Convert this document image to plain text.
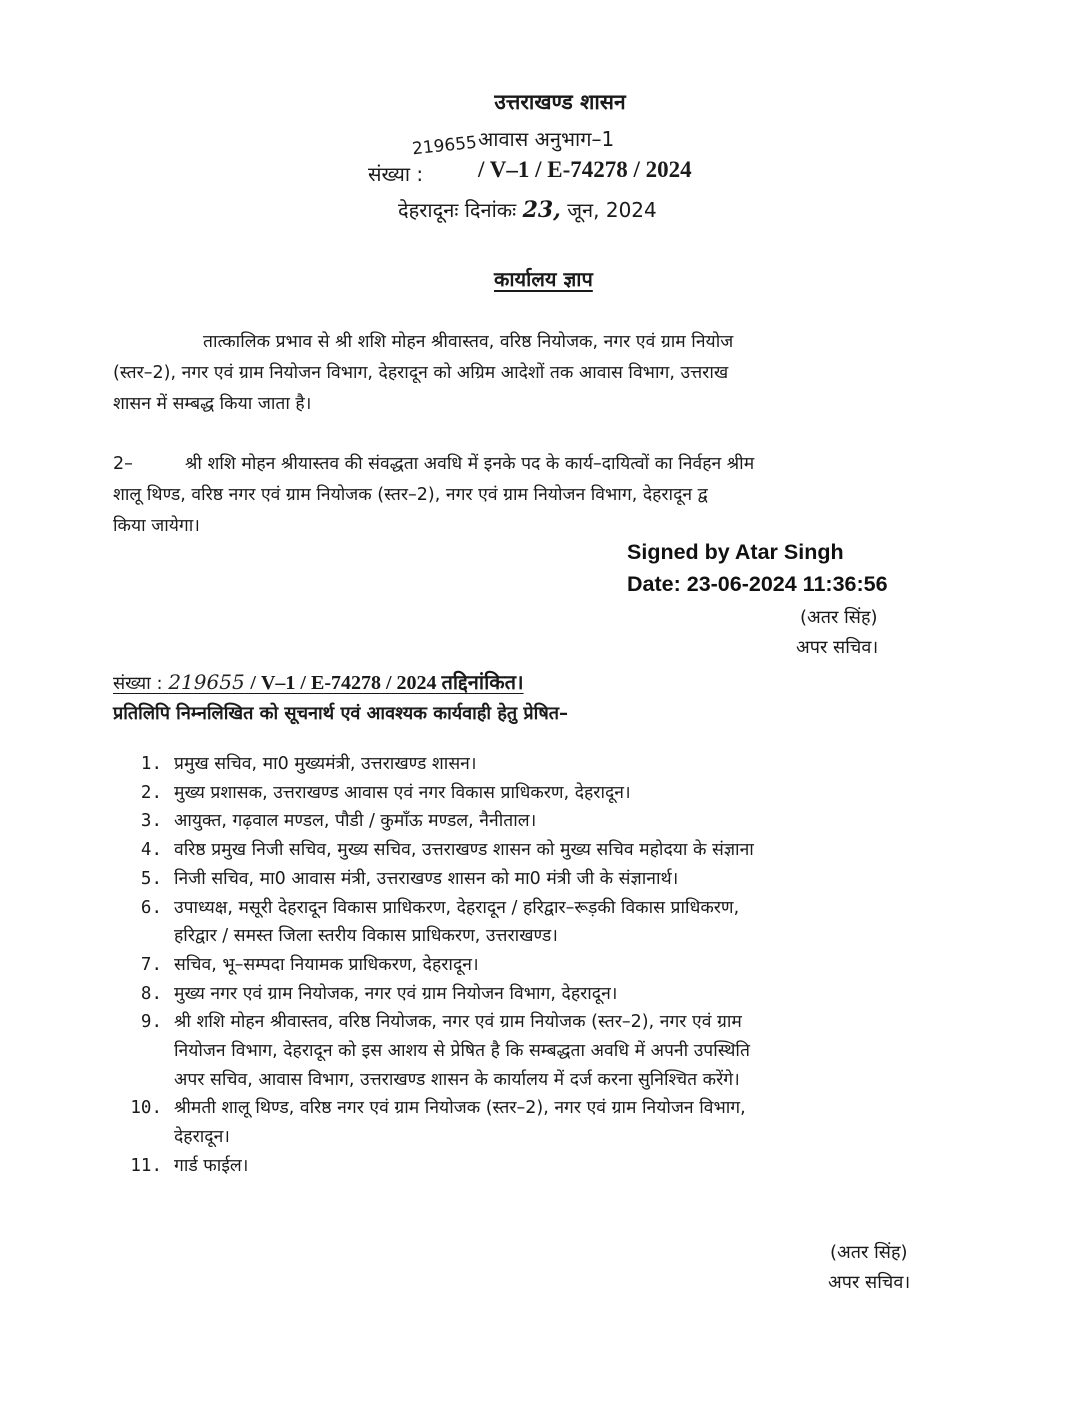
उत्तराखण्ड शासन
219655 आवास अनुभाग–1
संख्या : / V–1 / E-74278 / 2024
देहरादूनः दिनांकः 23, जून, 2024
कार्यालय ज्ञाप
तात्कालिक प्रभाव से श्री शशि मोहन श्रीवास्तव, वरिष्ठ नियोजक, नगर एवं ग्राम नियोज
(स्तर–2), नगर एवं ग्राम नियोजन विभाग, देहरादून को अग्रिम आदेशों तक आवास विभाग, उत्तराख
शासन में सम्बद्ध किया जाता है।
2–	श्री शशि मोहन श्रीयास्तव की संवद्धता अवधि में इनके पद के कार्य–दायित्वों का निर्वहन श्रीम
शालू थिण्ड, वरिष्ठ नगर एवं ग्राम नियोजक (स्तर–2), नगर एवं ग्राम नियोजन विभाग, देहरादून द्व
किया जायेगा।
Signed by Atar Singh
Date: 23-06-2024 11:36:56
(अतर सिंह)
अपर सचिव।
संख्या : 219655 / V–1 / E-74278 / 2024 तद्दिनांकित।
प्रतिलिपि निम्नलिखित को सूचनार्थ एवं आवश्यक कार्यवाही हेतु प्रेषित–
1. प्रमुख सचिव, मा0 मुख्यमंत्री, उत्तराखण्ड शासन।
2. मुख्य प्रशासक, उत्तराखण्ड आवास एवं नगर विकास प्राधिकरण, देहरादून।
3. आयुक्त, गढ़वाल मण्डल, पौडी / कुमाँऊ मण्डल, नैनीताल।
4. वरिष्ठ प्रमुख निजी सचिव, मुख्य सचिव, उत्तराखण्ड शासन को मुख्य सचिव महोदया के संज्ञाना
5. निजी सचिव, मा0 आवास मंत्री, उत्तराखण्ड शासन को मा0 मंत्री जी के संज्ञानार्थ।
6. उपाध्यक्ष, मसूरी देहरादून विकास प्राधिकरण, देहरादून / हरिद्वार–रूड़की विकास प्राधिकरण,
हरिद्वार / समस्त जिला स्तरीय विकास प्राधिकरण, उत्तराखण्ड।
7. सचिव, भू–सम्पदा नियामक प्राधिकरण, देहरादून।
8. मुख्य नगर एवं ग्राम नियोजक, नगर एवं ग्राम नियोजन विभाग, देहरादून।
9. श्री शशि मोहन श्रीवास्तव, वरिष्ठ नियोजक, नगर एवं ग्राम नियोजक (स्तर–2), नगर एवं ग्राम
नियोजन विभाग, देहरादून को इस आशय से प्रेषित है कि सम्बद्धता अवधि में अपनी उपस्थिति
अपर सचिव, आवास विभाग, उत्तराखण्ड शासन के कार्यालय में दर्ज करना सुनिश्चित करेंगे।
10. श्रीमती शालू थिण्ड, वरिष्ठ नगर एवं ग्राम नियोजक (स्तर–2), नगर एवं ग्राम नियोजन विभाग,
देहरादून।
11. गार्ड फाईल।
(अतर सिंह)
अपर सचिव।
